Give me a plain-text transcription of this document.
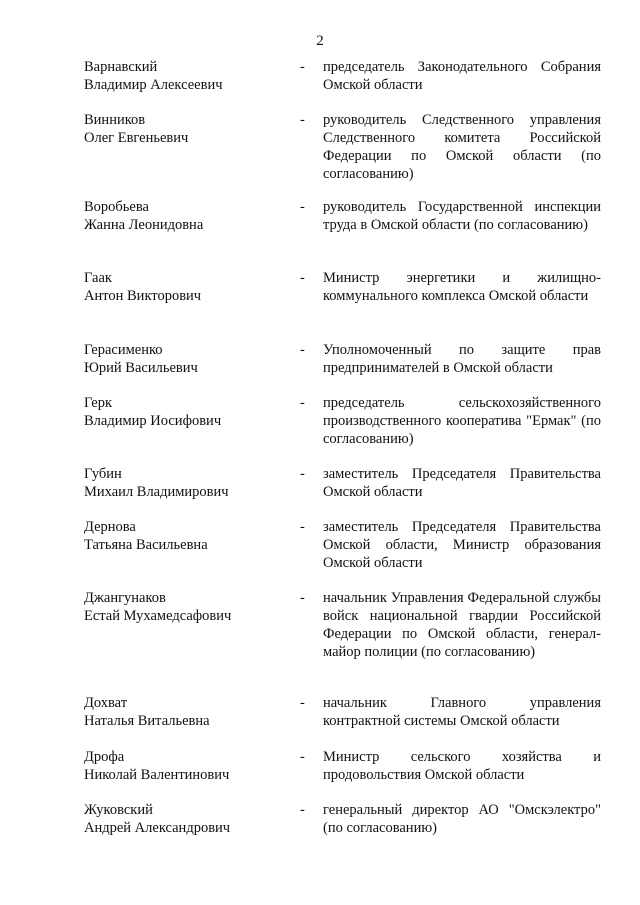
2
Варнавский
Владимир Алексеевич
- председатель Законодательного Собрания Омской области
Винников
Олег Евгеньевич
- руководитель Следственного управления Следственного комитета Российской Федерации по Омской области (по согласованию)
Воробьева
Жанна Леонидовна
- руководитель Государственной инспекции труда в Омской области (по согласованию)
Гаак
Антон Викторович
- Министр энергетики и жилищно-коммунального комплекса Омской области
Герасименко
Юрий Васильевич
- Уполномоченный по защите прав предпринимателей в Омской области
Герк
Владимир Иосифович
- председатель сельскохозяйственного производственного кооператива "Ермак" (по согласованию)
Губин
Михаил Владимирович
- заместитель Председателя Правительства Омской области
Дернова
Татьяна Васильевна
- заместитель Председателя Правительства Омской области, Министр образования Омской области
Джангунаков
Естай Мухамедсафович
- начальник Управления Федеральной службы войск национальной гвардии Российской Федерации по Омской области, генерал-майор полиции (по согласованию)
Дохват
Наталья Витальевна
- начальник Главного управления контрактной системы Омской области
Дрофа
Николай Валентинович
- Министр сельского хозяйства и продовольствия Омской области
Жуковский
Андрей Александрович
- генеральный директор АО "Омскэлектро" (по согласованию)
